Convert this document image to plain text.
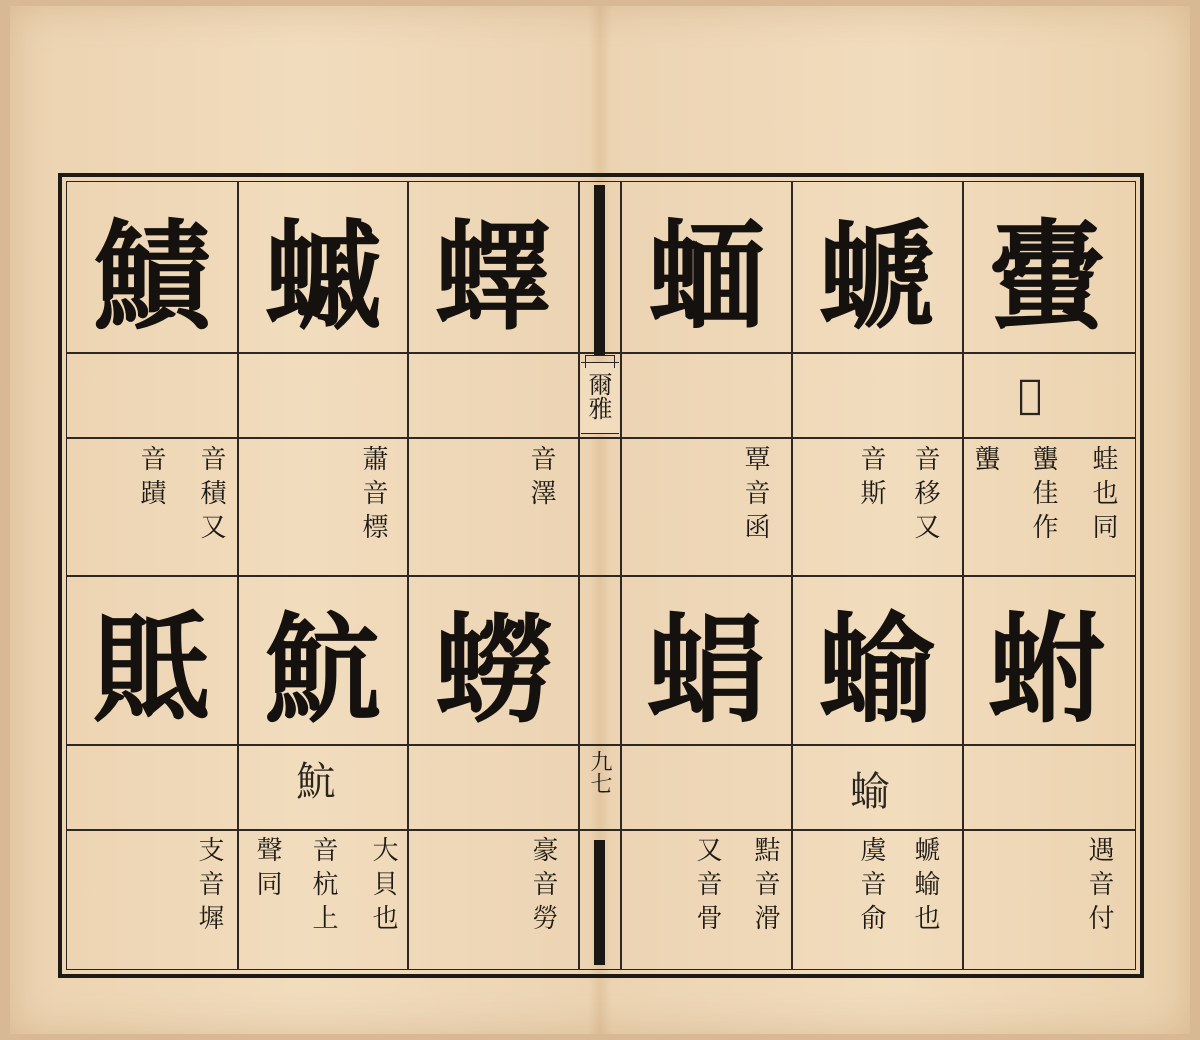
爾雅
九七
蟗
螔
蝒
蠌
䗩
鰿
𧒨
蛙也同
蠪佳作
蠪
音移又
音斯
覃音函
音澤
蕭音標
音積又
音蹟
蚹
蝓
蜎
蟧
魧
貾
蝓
魧
遇音付
螔蝓也
虞音俞
黠音滑
又音骨
豪音勞
大貝也
音杭上
聲同
支音墀
